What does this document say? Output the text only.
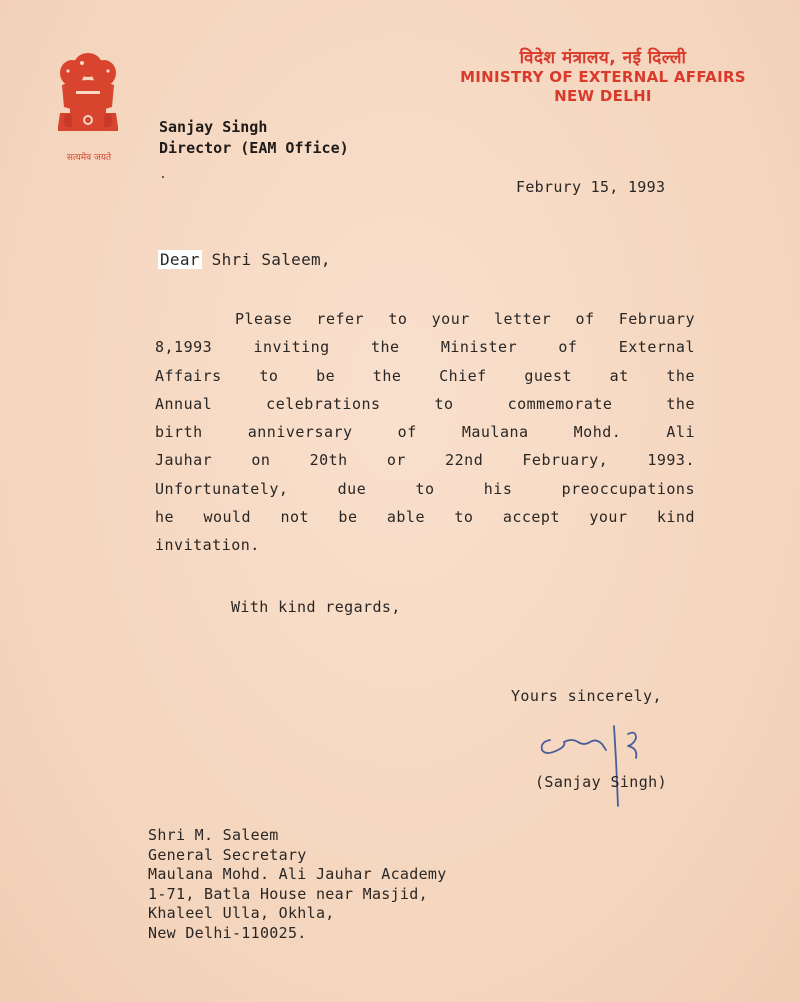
सत्यमेव जयते
विदेश मंत्रालय, नई दिल्ली
MINISTRY OF EXTERNAL AFFAIRS
NEW DELHI
Sanjay Singh
Director (EAM Office)
Februry 15, 1993
Dear Shri Saleem,
Please refer to your letter of February
8,1993 inviting the Minister of External
Affairs to be the Chief guest at the
Annual celebrations to commemorate the
birth anniversary of Maulana Mohd. Ali
Jauhar on 20th or 22nd February, 1993.
Unfortunately, due to his preoccupations
he would not be able to accept your kind
invitation.
With kind regards,
Yours sincerely,
(Sanjay Singh)
Shri M. Saleem
General Secretary
Maulana Mohd. Ali Jauhar Academy
1-71, Batla House near Masjid,
Khaleel Ulla, Okhla,
New Delhi-110025.
